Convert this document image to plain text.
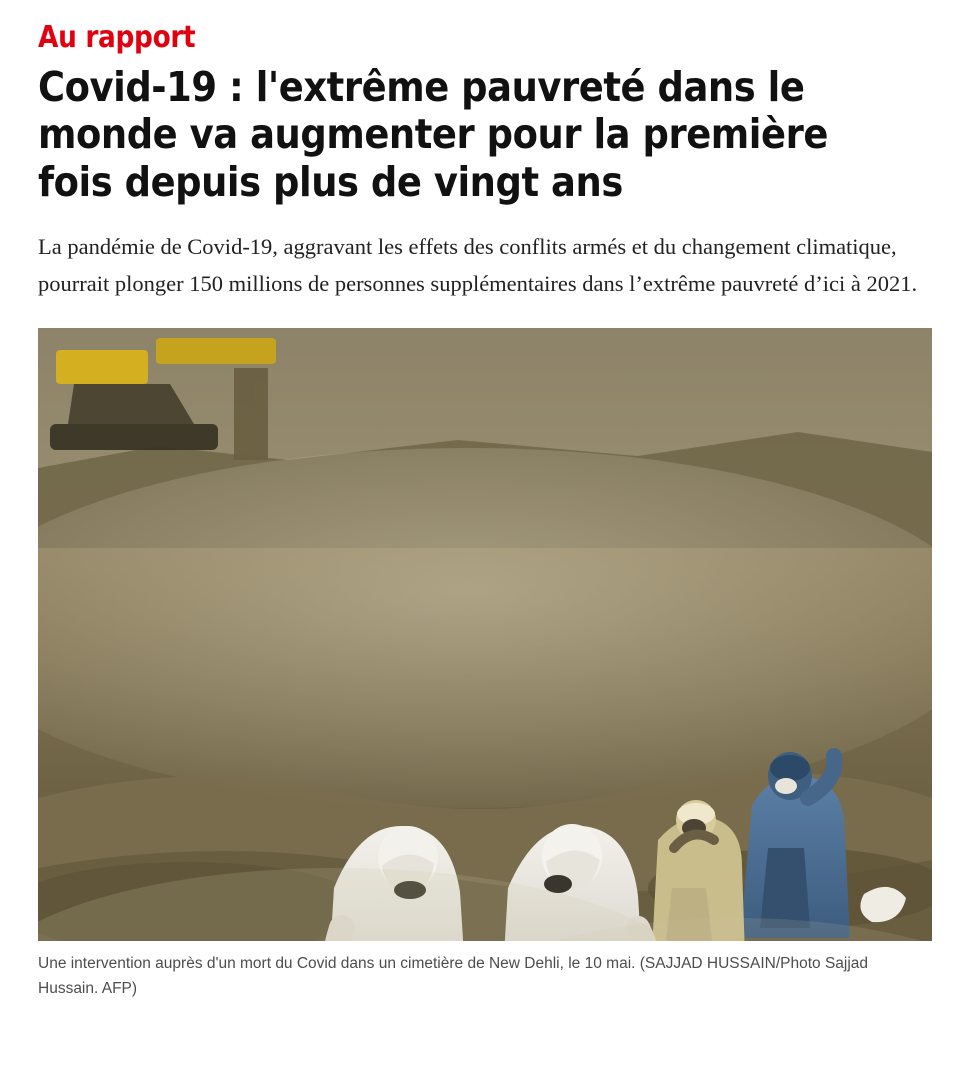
Au rapport
Covid-19 : l'extrême pauvreté dans le monde va augmenter pour la première fois depuis plus de vingt ans

La pandémie de Covid-19, aggravant les effets des conflits armés et du changement climatique, pourrait plonger 150 millions de personnes supplémentaires dans l’extrême pauvreté d’ici à 2021.

Une intervention auprès d'un mort du Covid dans un cimetière de New Dehli, le 10 mai. (SAJJAD HUSSAIN/Photo Sajjad Hussain. AFP)
